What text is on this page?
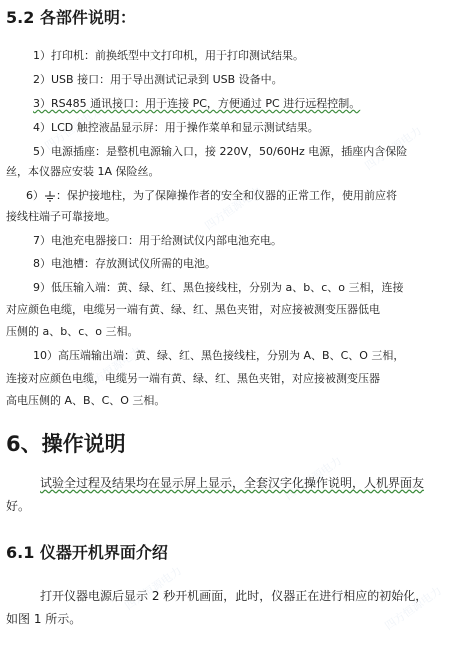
四方恒源电力
四方恒源电力
四方恒源电力
四方恒源电力
四方恒源电力
四方恒源电力	四方恒源电力
5.2 各部件说明：
1）打印机：前换纸型中文打印机，用于打印测试结果。
2）USB 接口：用于导出测试记录到 USB 设备中。
3）RS485 通讯接口：用于连接 PC，方便通过 PC 进行远程控制。
4）LCD 触控液晶显示屏：用于操作菜单和显示测试结果。
5）电源插座：是整机电源输入口，接 220V，50/60Hz 电源，插座内含保险
丝，本仪器应安装 1A 保险丝。
6） ：保护接地柱，为了保障操作者的安全和仪器的正常工作，使用前应将
接线柱端子可靠接地。
7）电池充电器接口：用于给测试仪内部电池充电。
8）电池槽：存放测试仪所需的电池。
9）低压输入端：黄、绿、红、黑色接线柱，分别为 a、b、c、o 三相，连接
对应颜色电缆，电缆另一端有黄、绿、红、黑色夹钳，对应接被测变压器低电
压侧的 a、b、c、o 三相。
10）高压端输出端：黄、绿、红、黑色接线柱，分别为 A、B、C、O 三相，
连接对应颜色电缆，电缆另一端有黄、绿、红、黑色夹钳，对应接被测变压器
高电压侧的 A、B、C、O 三相。
6、操作说明
试验全过程及结果均在显示屏上显示，全套汉字化操作说明，人机界面友
好。
6.1 仪器开机界面介绍
打开仪器电源后显示 2 秒开机画面，此时，仪器正在进行相应的初始化，
如图 1 所示。
